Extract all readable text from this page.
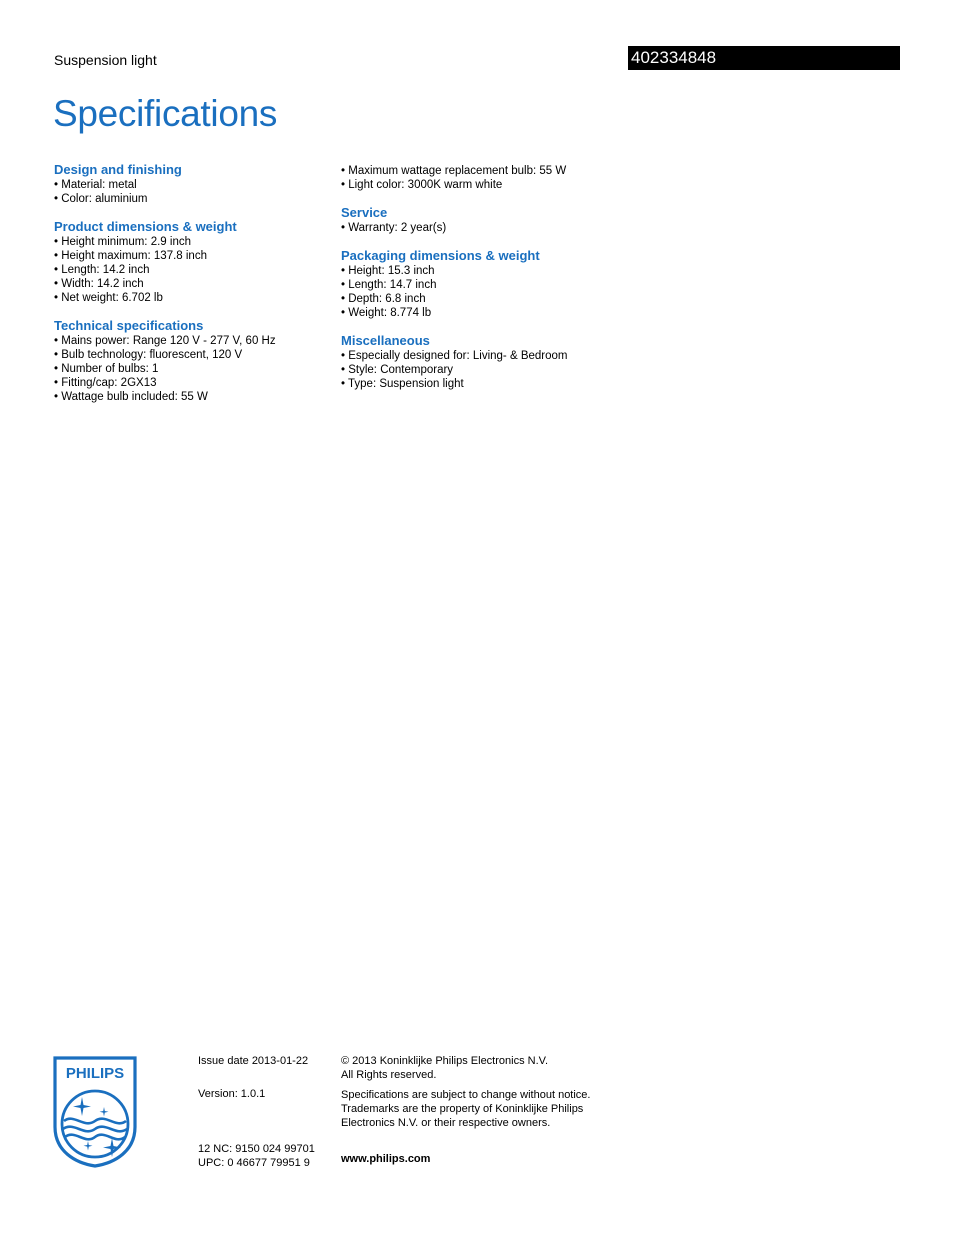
Suspension light	402334848
Specifications
Design and finishing
• Material: metal
• Color: aluminium
Product dimensions & weight
• Height minimum: 2.9 inch
• Height maximum: 137.8 inch
• Length: 14.2 inch
• Width: 14.2 inch
• Net weight: 6.702 lb
Technical specifications
• Mains power: Range 120 V - 277 V, 60 Hz
• Bulb technology: fluorescent, 120 V
• Number of bulbs: 1
• Fitting/cap: 2GX13
• Wattage bulb included: 55 W
• Maximum wattage replacement bulb: 55 W
• Light color: 3000K warm white
Service
• Warranty: 2 year(s)
Packaging dimensions & weight
• Height: 15.3 inch
• Length: 14.7 inch
• Depth: 6.8 inch
• Weight: 8.774 lb
Miscellaneous
• Especially designed for: Living- & Bedroom
• Style: Contemporary
• Type: Suspension light
PHILIPS

Issue date 2013-01-22

Version: 1.0.1

12 NC: 9150 024 99701

UPC: 0 46677 79951 9

© 2013 Koninklijke Philips Electronics N.V.

All Rights reserved.

Specifications are subject to change without notice.

Trademarks are the property of Koninklijke Philips

Electronics N.V. or their respective owners.

www.philips.com
